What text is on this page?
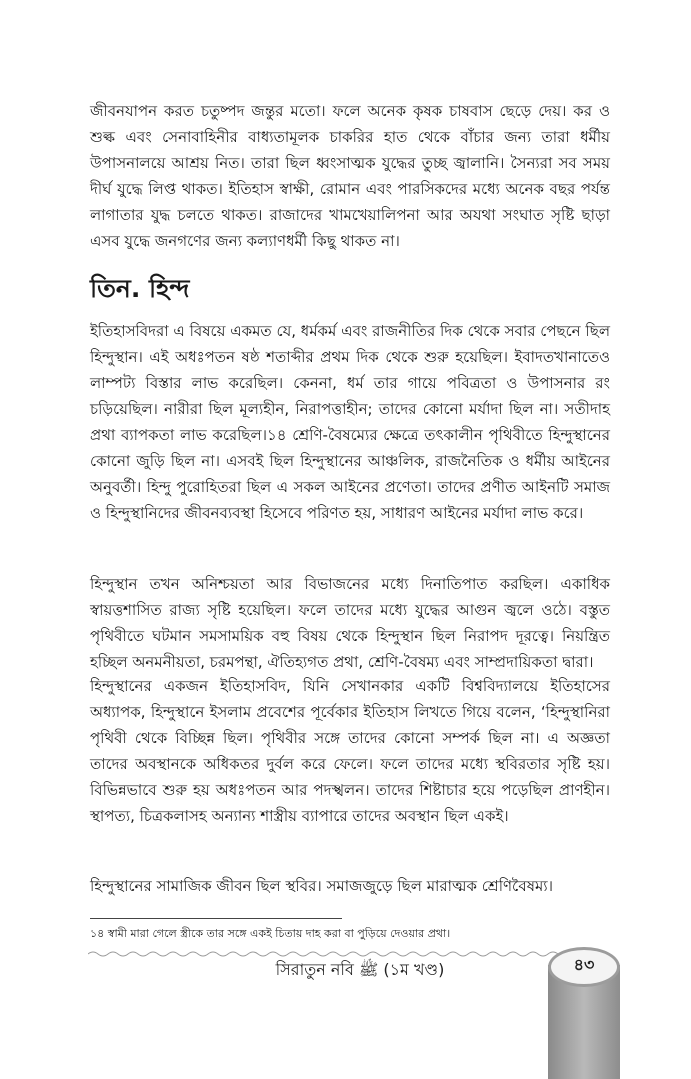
জীবনযাপন করত চতুষ্পদ জন্তুর মতো। ফলে অনেক কৃষক চাষবাস ছেড়ে দেয়। কর ও শুল্ক এবং সেনাবাহিনীর বাধ্যতামূলক চাকরির হাত থেকে বাঁচার জন্য তারা ধর্মীয় উপাসনালয়ে আশ্রয় নিত। তারা ছিল ধ্বংসাত্মক যুদ্ধের তুচ্ছ জ্বালানি। সৈন্যরা সব সময় দীর্ঘ যুদ্ধে লিপ্ত থাকত। ইতিহাস স্বাক্ষী, রোমান এবং পারসিকদের মধ্যে অনেক বছর পর্যন্ত লাগাতার যুদ্ধ চলতে থাকত। রাজাদের খামখেয়ালিপনা আর অযথা সংঘাত সৃষ্টি ছাড়া এসব যুদ্ধে জনগণের জন্য কল্যাণধর্মী কিছু থাকত না।
তিন. হিন্দ
ইতিহাসবিদরা এ বিষয়ে একমত যে, ধর্মকর্ম এবং রাজনীতির দিক থেকে সবার পেছনে ছিল হিন্দুস্থান। এই অধঃপতন ষষ্ঠ শতাব্দীর প্রথম দিক থেকে শুরু হয়েছিল। ইবাদতখানাতেও লাম্পট্য বিস্তার লাভ করেছিল। কেননা, ধর্ম তার গায়ে পবিত্রতা ও উপাসনার রং চড়িয়েছিল। নারীরা ছিল মূল্যহীন, নিরাপত্তাহীন; তাদের কোনো মর্যাদা ছিল না। সতীদাহ প্রথা ব্যাপকতা লাভ করেছিল।১৪ শ্রেণি-বৈষম্যের ক্ষেত্রে তৎকালীন পৃথিবীতে হিন্দুস্থানের কোনো জুড়ি ছিল না। এসবই ছিল হিন্দুস্থানের আঞ্চলিক, রাজনৈতিক ও ধর্মীয় আইনের অনুবর্তী। হিন্দু পুরোহিতরা ছিল এ সকল আইনের প্রণেতা। তাদের প্রণীত আইনটি সমাজ ও হিন্দুস্থানিদের জীবনব্যবস্থা হিসেবে পরিণত হয়, সাধারণ আইনের মর্যাদা লাভ করে।
হিন্দুস্থান তখন অনিশ্চয়তা আর বিভাজনের মধ্যে দিনাতিপাত করছিল। একাধিক স্বায়ত্তশাসিত রাজ্য সৃষ্টি হয়েছিল। ফলে তাদের মধ্যে যুদ্ধের আগুন জ্বলে ওঠে। বস্তুত পৃথিবীতে ঘটমান সমসাময়িক বহু বিষয় থেকে হিন্দুস্থান ছিল নিরাপদ দূরত্বে। নিয়ন্ত্রিত হচ্ছিল অনমনীয়তা, চরমপন্থা, ঐতিহ্যগত প্রথা, শ্রেণি-বৈষম্য এবং সাম্প্রদায়িকতা দ্বারা।
হিন্দুস্থানের একজন ইতিহাসবিদ, যিনি সেখানকার একটি বিশ্ববিদ্যালয়ে ইতিহাসের অধ্যাপক, হিন্দুস্থানে ইসলাম প্রবেশের পূর্বেকার ইতিহাস লিখতে গিয়ে বলেন, ‘হিন্দুস্থানিরা পৃথিবী থেকে বিচ্ছিন্ন ছিল। পৃথিবীর সঙ্গে তাদের কোনো সম্পর্ক ছিল না। এ অজ্ঞতা তাদের অবস্থানকে অধিকতর দুর্বল করে ফেলে। ফলে তাদের মধ্যে স্থবিরতার সৃষ্টি হয়। বিভিন্নভাবে শুরু হয় অধঃপতন আর পদস্খলন। তাদের শিষ্টাচার হয়ে পড়েছিল প্রাণহীন। স্থাপত্য, চিত্রকলাসহ অন্যান্য শাস্ত্রীয় ব্যাপারে তাদের অবস্থান ছিল একই।
হিন্দুস্থানের সামাজিক জীবন ছিল স্থবির। সমাজজুড়ে ছিল মারাত্মক শ্রেণিবৈষম্য।
১৪ স্বামী মারা গেলে স্ত্রীকে তার সঙ্গে একই চিতায় দাহ করা বা পুড়িয়ে দেওয়ার প্রথা।
সিরাতুন নবি ﷺ (১ম খণ্ড)	৪৩
